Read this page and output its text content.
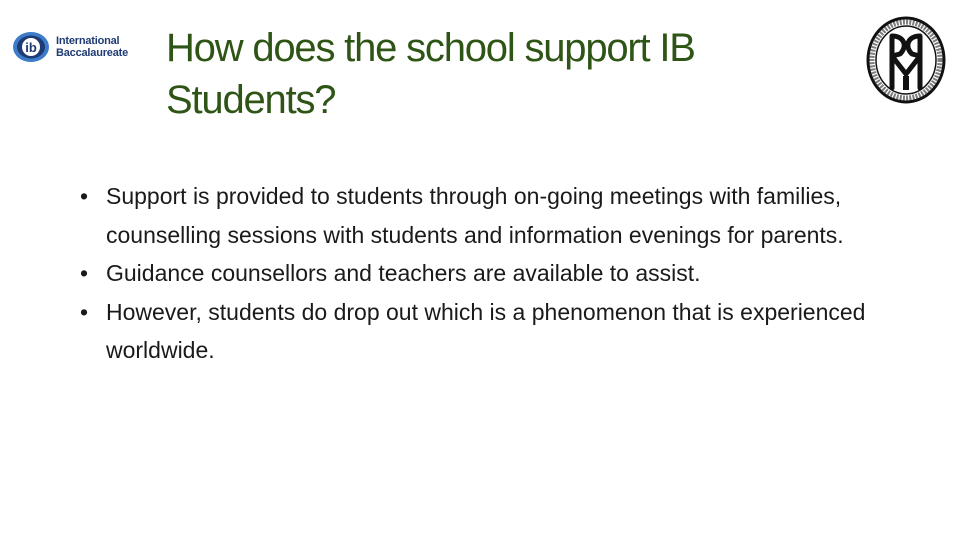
ib International
Baccalaureate How does the school support IB
Students?
• Support is provided to students through on-going meetings with families, counselling sessions with students and information evenings for parents.
• Guidance counsellors and teachers are available to assist.
• However, students do drop out which is a phenomenon that is experienced worldwide.
